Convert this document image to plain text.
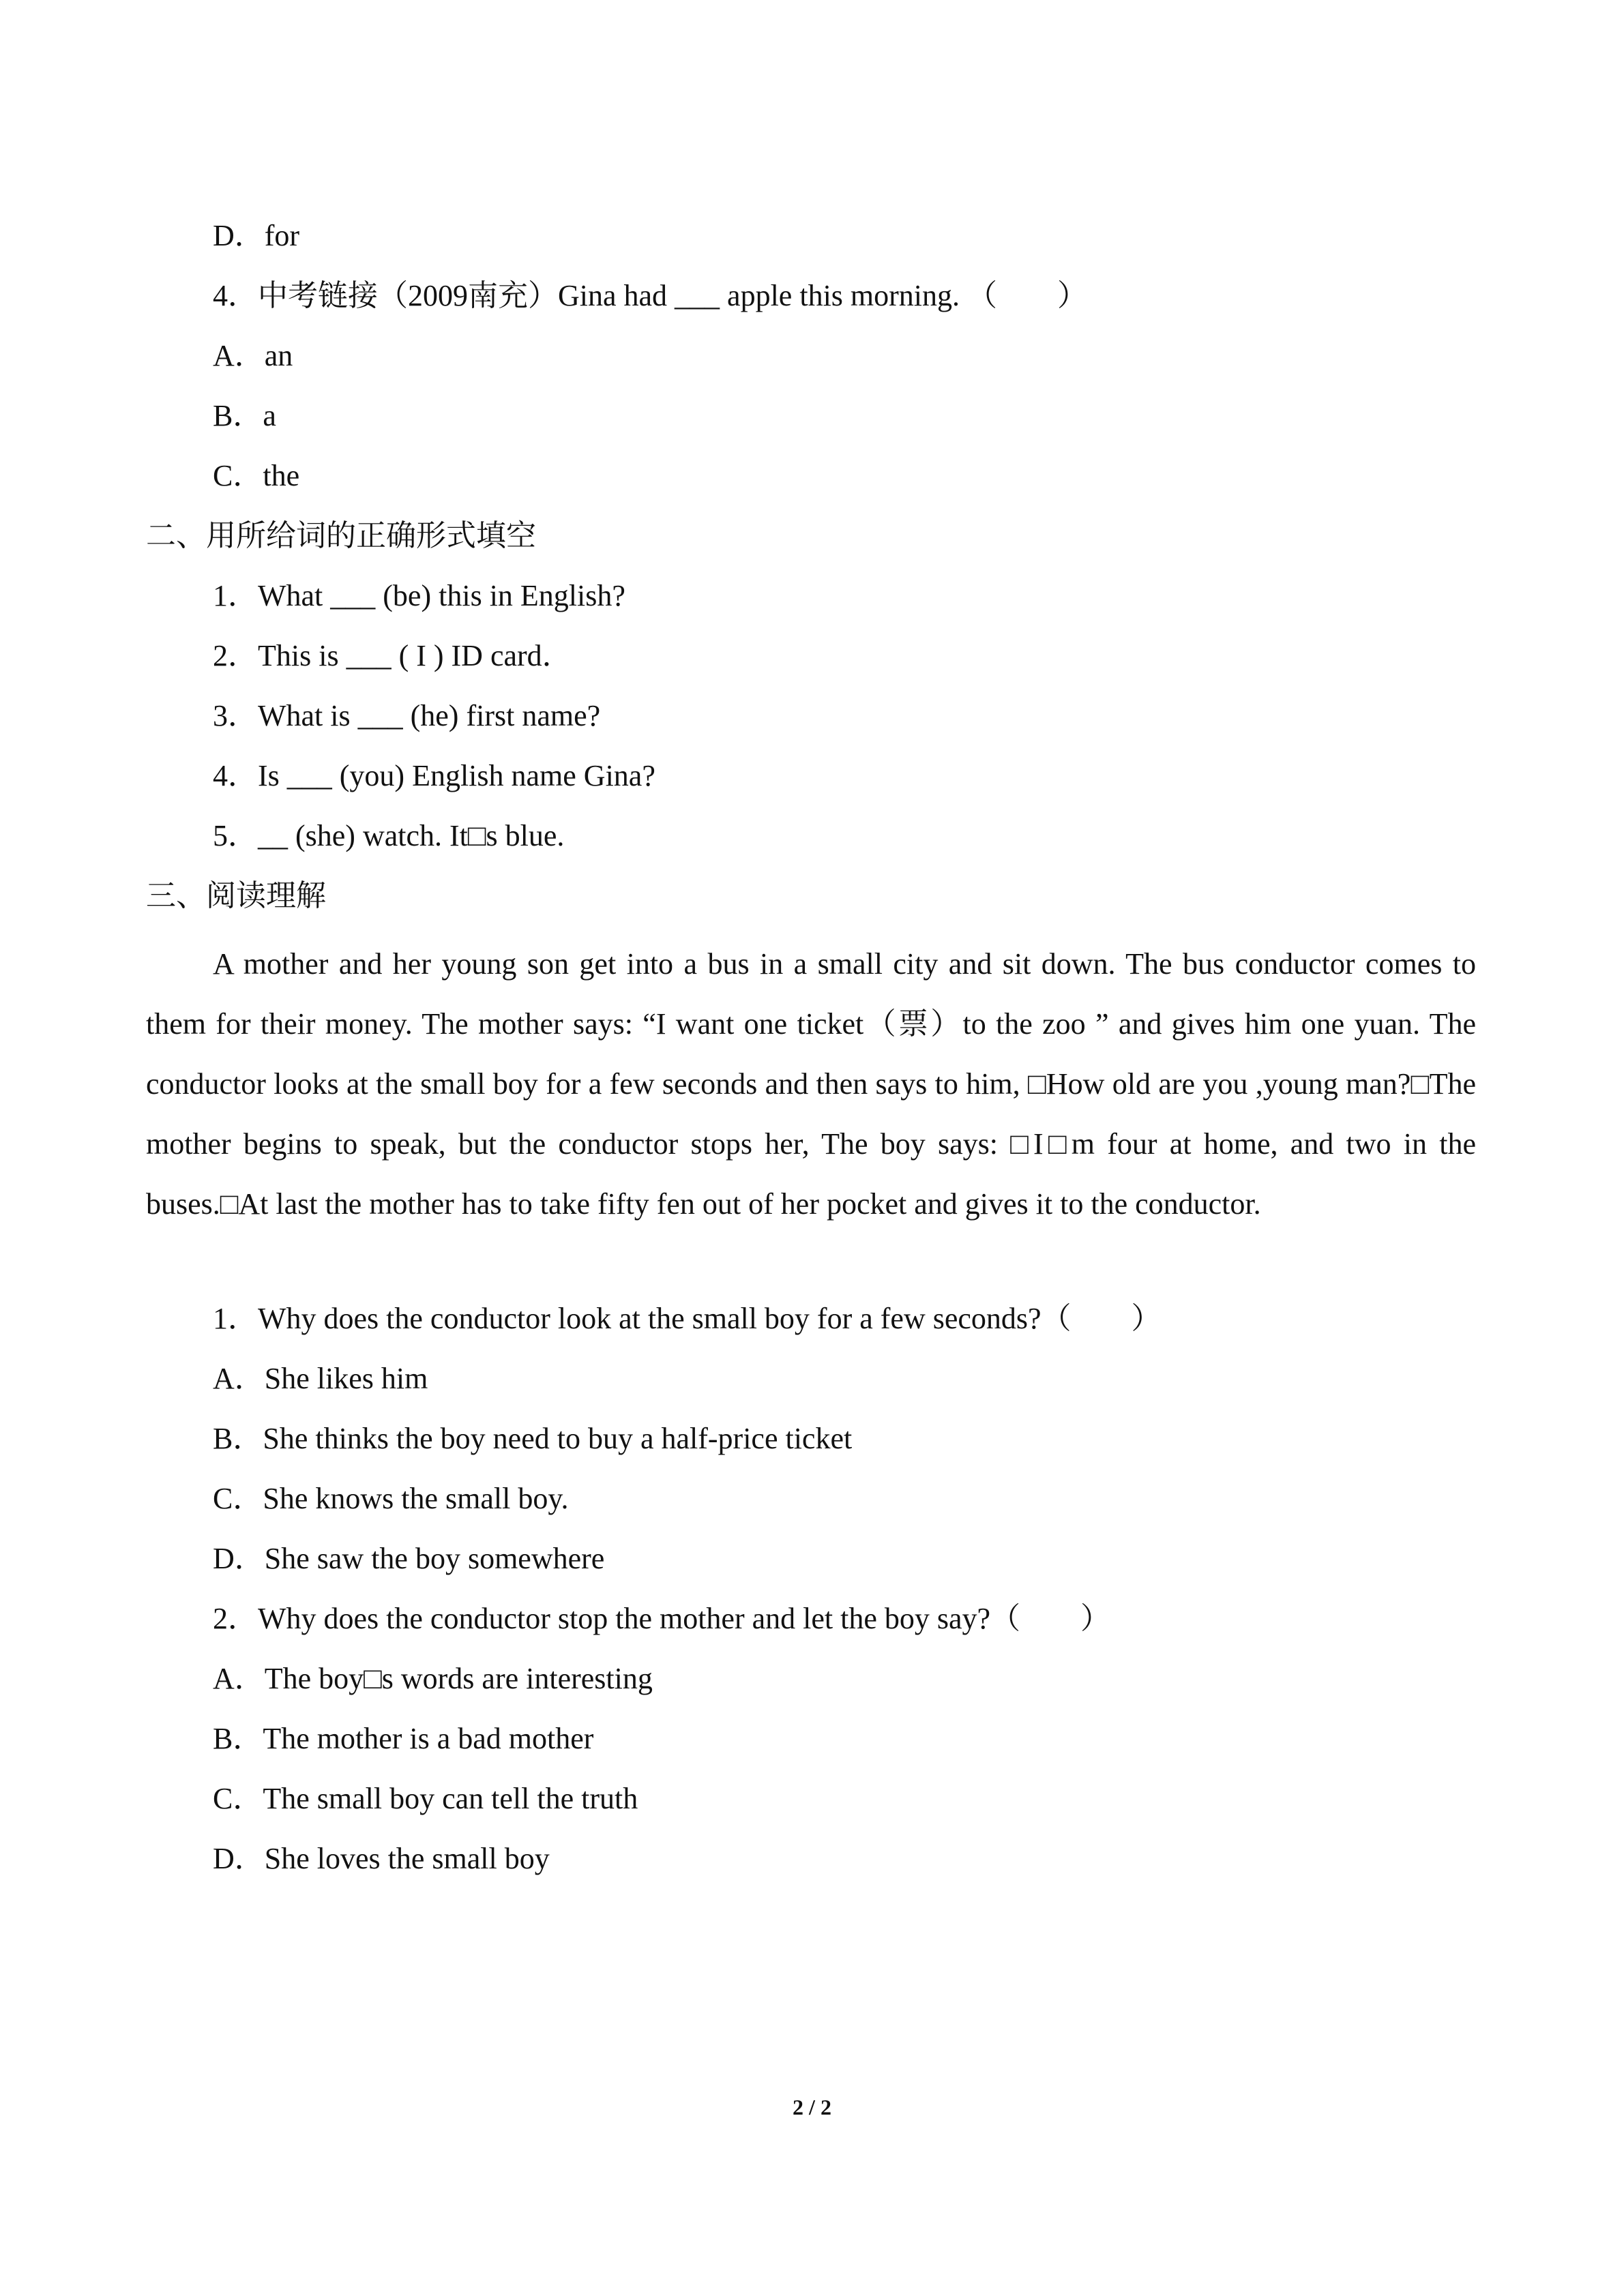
D．for
4．中考链接（2009南充）Gina had ___ apple this morning. （　　）
A．an
B．a
C．the
二、用所给词的正确形式填空
1．What ___ (be) this in English?
2．This is ___ ( I ) ID card．
3．What is ___ (he) first name?
4．Is ___ (you) English name Gina?
5．__ (she) watch. It□s blue.
三、阅读理解
A mother and her young son get into a bus in a small city and sit down. The bus conductor comes to them for their money. The mother says: “I want one ticket（票）to the zoo ” and gives him one yuan. The conductor looks at the small boy for a few seconds and then says to him, □How old are you ,young man?□The mother begins to speak, but the conductor stops her, The boy says: □I□m four at home, and two in the buses.□At last the mother has to take fifty fen out of her pocket and gives it to the conductor.
1．Why does the conductor look at the small boy for a few seconds?（　　）
A．She likes him
B．She thinks the boy need to buy a half-price ticket
C．She knows the small boy.
D．She saw the boy somewhere
2．Why does the conductor stop the mother and let the boy say?（　　）
A．The boy□s words are interesting
B．The mother is a bad mother
C．The small boy can tell the truth
D．She loves the small boy
2 / 2
